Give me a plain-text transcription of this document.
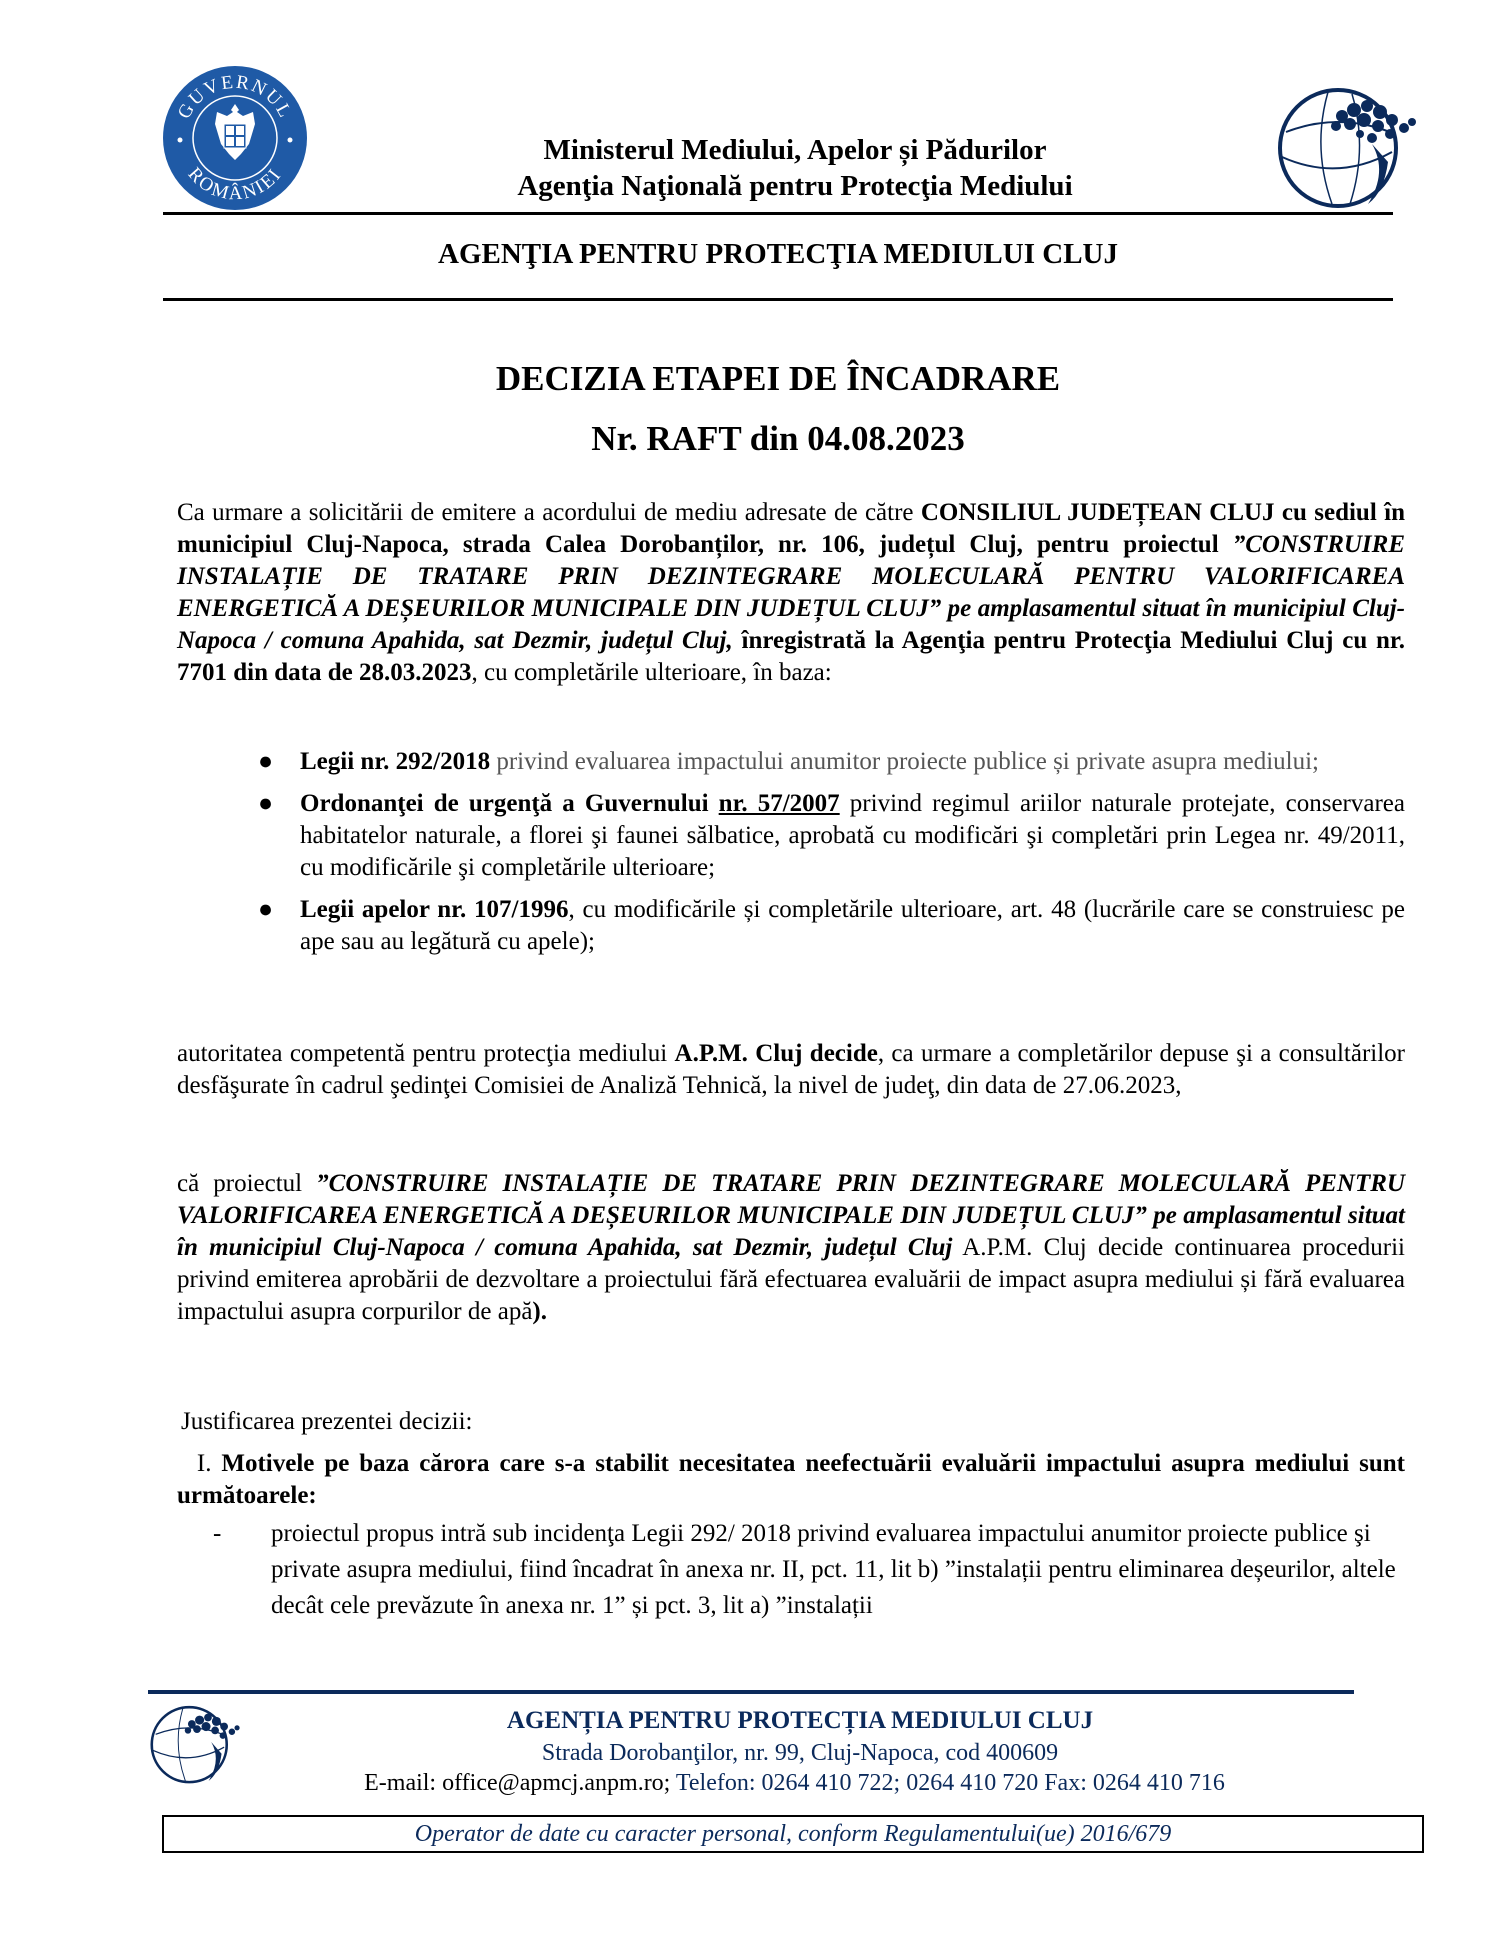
GUVERNUL
ROMÂNIEI
Ministerul Mediului, Apelor și Pădurilor
Agenţia Naţională pentru Protecţia Mediului
AGENŢIA PENTRU PROTECŢIA MEDIULUI CLUJ
DECIZIA ETAPEI DE ÎNCADRARE
Nr. RAFT din 04.08.2023
Ca urmare a solicitării de emitere a acordului de mediu adresate de către CONSILIUL JUDEȚEAN CLUJ cu sediul în municipiul Cluj-Napoca, strada Calea Dorobanților, nr. 106, județul Cluj, pentru proiectul ”CONSTRUIRE INSTALAȚIE DE TRATARE PRIN DEZINTEGRARE MOLECULARĂ PENTRU VALORIFICAREA ENERGETICĂ A DEȘEURILOR MUNICIPALE DIN JUDEȚUL CLUJ” pe amplasamentul situat în municipiul Cluj-Napoca / comuna Apahida, sat Dezmir, județul Cluj, înregistrată la Agenţia pentru Protecţia Mediului Cluj cu nr. 7701 din data de 28.03.2023, cu completările ulterioare, în baza:
● Legii nr. 292/2018 privind evaluarea impactului anumitor proiecte publice și private asupra mediului;
● Ordonanţei de urgenţă a Guvernului nr. 57/2007 privind regimul ariilor naturale protejate, conservarea habitatelor naturale, a florei şi faunei sălbatice, aprobată cu modificări şi completări prin Legea nr. 49/2011, cu modificările şi completările ulterioare;
● Legii apelor nr. 107/1996, cu modificările și completările ulterioare, art. 48 (lucrările care se construiesc pe ape sau au legătură cu apele);
autoritatea competentă pentru protecţia mediului A.P.M. Cluj decide, ca urmare a completărilor depuse şi a consultărilor desfăşurate în cadrul şedinţei Comisiei de Analiză Tehnică, la nivel de judeţ, din data de 27.06.2023,
că proiectul ”CONSTRUIRE INSTALAȚIE DE TRATARE PRIN DEZINTEGRARE MOLECULARĂ PENTRU VALORIFICAREA ENERGETICĂ A DEȘEURILOR MUNICIPALE DIN JUDEȚUL CLUJ” pe amplasamentul situat în municipiul Cluj-Napoca / comuna Apahida, sat Dezmir, județul Cluj A.P.M. Cluj decide continuarea procedurii privind emiterea aprobării de dezvoltare a proiectului fără efectuarea evaluării de impact asupra mediului și fără evaluarea impactului asupra corpurilor de apă).
Justificarea prezentei decizii:
I. Motivele pe baza cărora care s-a stabilit necesitatea neefectuării evaluării impactului asupra mediului sunt următoarele:
- proiectul propus intră sub incidenţa Legii 292/ 2018 privind evaluarea impactului anumitor proiecte publice şi private asupra mediului, fiind încadrat în anexa nr. II, pct. 11, lit b) ”instalații pentru eliminarea deșeurilor, altele decât cele prevăzute în anexa nr. 1” și pct. 3, lit a) ”instalații
AGENȚIA PENTRU PROTECȚIA MEDIULUI CLUJ
Strada Dorobanţilor, nr. 99, Cluj-Napoca, cod 400609
E-mail: office@apmcj.anpm.ro; Telefon: 0264 410 722; 0264 410 720 Fax: 0264 410 716
Operator de date cu caracter personal, conform Regulamentului(ue) 2016/679
